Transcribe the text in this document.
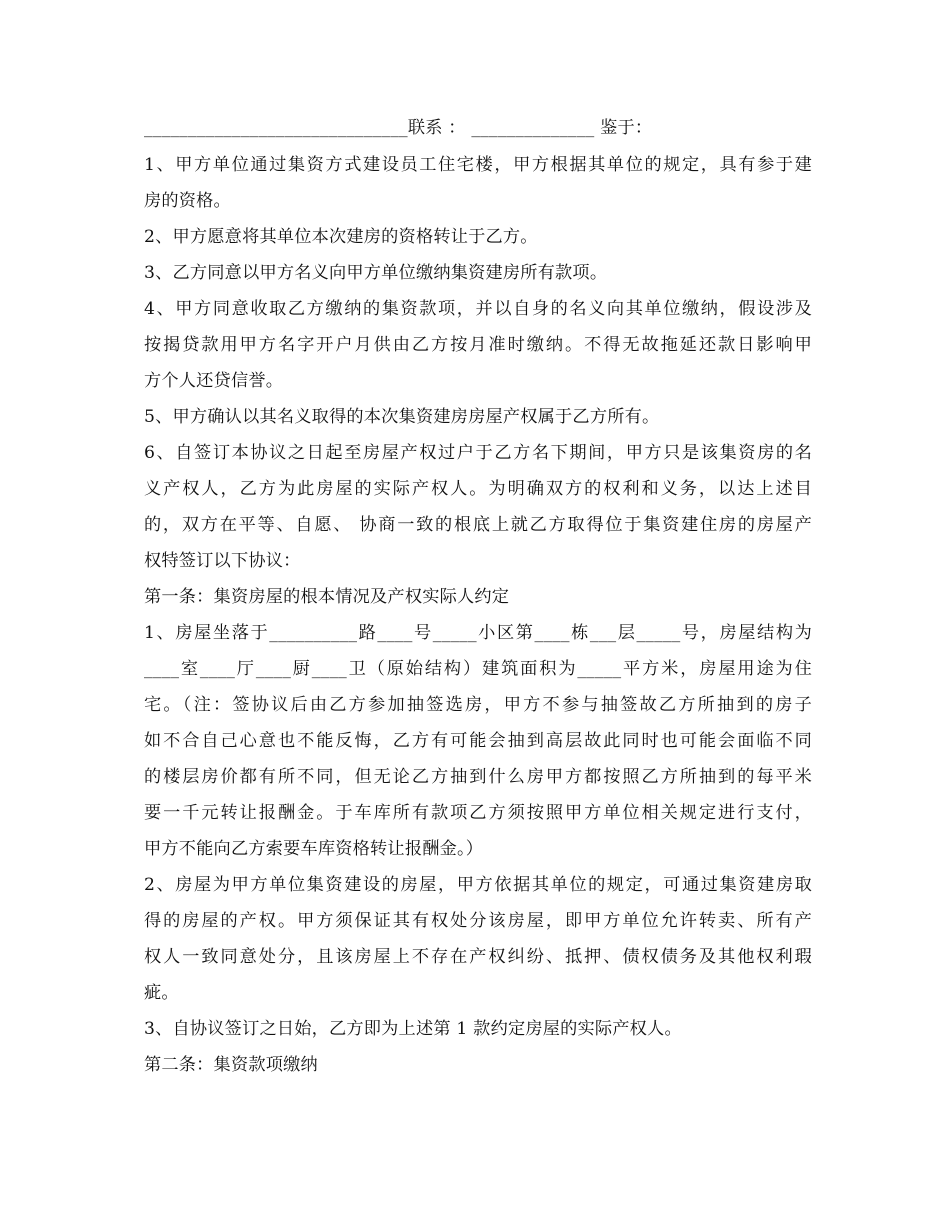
______________________________联系 ： ______________ 鉴于：
1、甲方单位通过集资方式建设员工住宅楼，甲方根据其单位的规定，具有参于建
房的资格。
2、甲方愿意将其单位本次建房的资格转让于乙方。
3、乙方同意以甲方名义向甲方单位缴纳集资建房所有款项。
4、甲方同意收取乙方缴纳的集资款项，并以自身的名义向其单位缴纳，假设涉及
按揭贷款用甲方名字开户月供由乙方按月准时缴纳。不得无故拖延还款日影响甲
方个人还贷信誉。
5、甲方确认以其名义取得的本次集资建房房屋产权属于乙方所有。
6、自签订本协议之日起至房屋产权过户于乙方名下期间，甲方只是该集资房的名
义产权人，乙方为此房屋的实际产权人。为明确双方的权利和义务，以达上述目
的，双方在平等、自愿、 协商一致的根底上就乙方取得位于集资建住房的房屋产
权特签订以下协议：
第一条：集资房屋的根本情况及产权实际人约定
1、房屋坐落于__________路____号_____小区第____栋___层_____号，房屋结构为
____室____厅____厨____卫（原始结构）建筑面积为_____平方米，房屋用途为住
宅。（注：签协议后由乙方参加抽签选房，甲方不参与抽签故乙方所抽到的房子
如不合自己心意也不能反悔，乙方有可能会抽到高层故此同时也可能会面临不同
的楼层房价都有所不同，但无论乙方抽到什么房甲方都按照乙方所抽到的每平米
要一千元转让报酬金。于车库所有款项乙方须按照甲方单位相关规定进行支付，
甲方不能向乙方索要车库资格转让报酬金。）
2、房屋为甲方单位集资建设的房屋，甲方依据其单位的规定，可通过集资建房取
得的房屋的产权。甲方须保证其有权处分该房屋，即甲方单位允许转卖、所有产
权人一致同意处分，且该房屋上不存在产权纠纷、抵押、债权债务及其他权利瑕
疵。
3、自协议签订之日始，乙方即为上述第 1 款约定房屋的实际产权人。
第二条：集资款项缴纳
